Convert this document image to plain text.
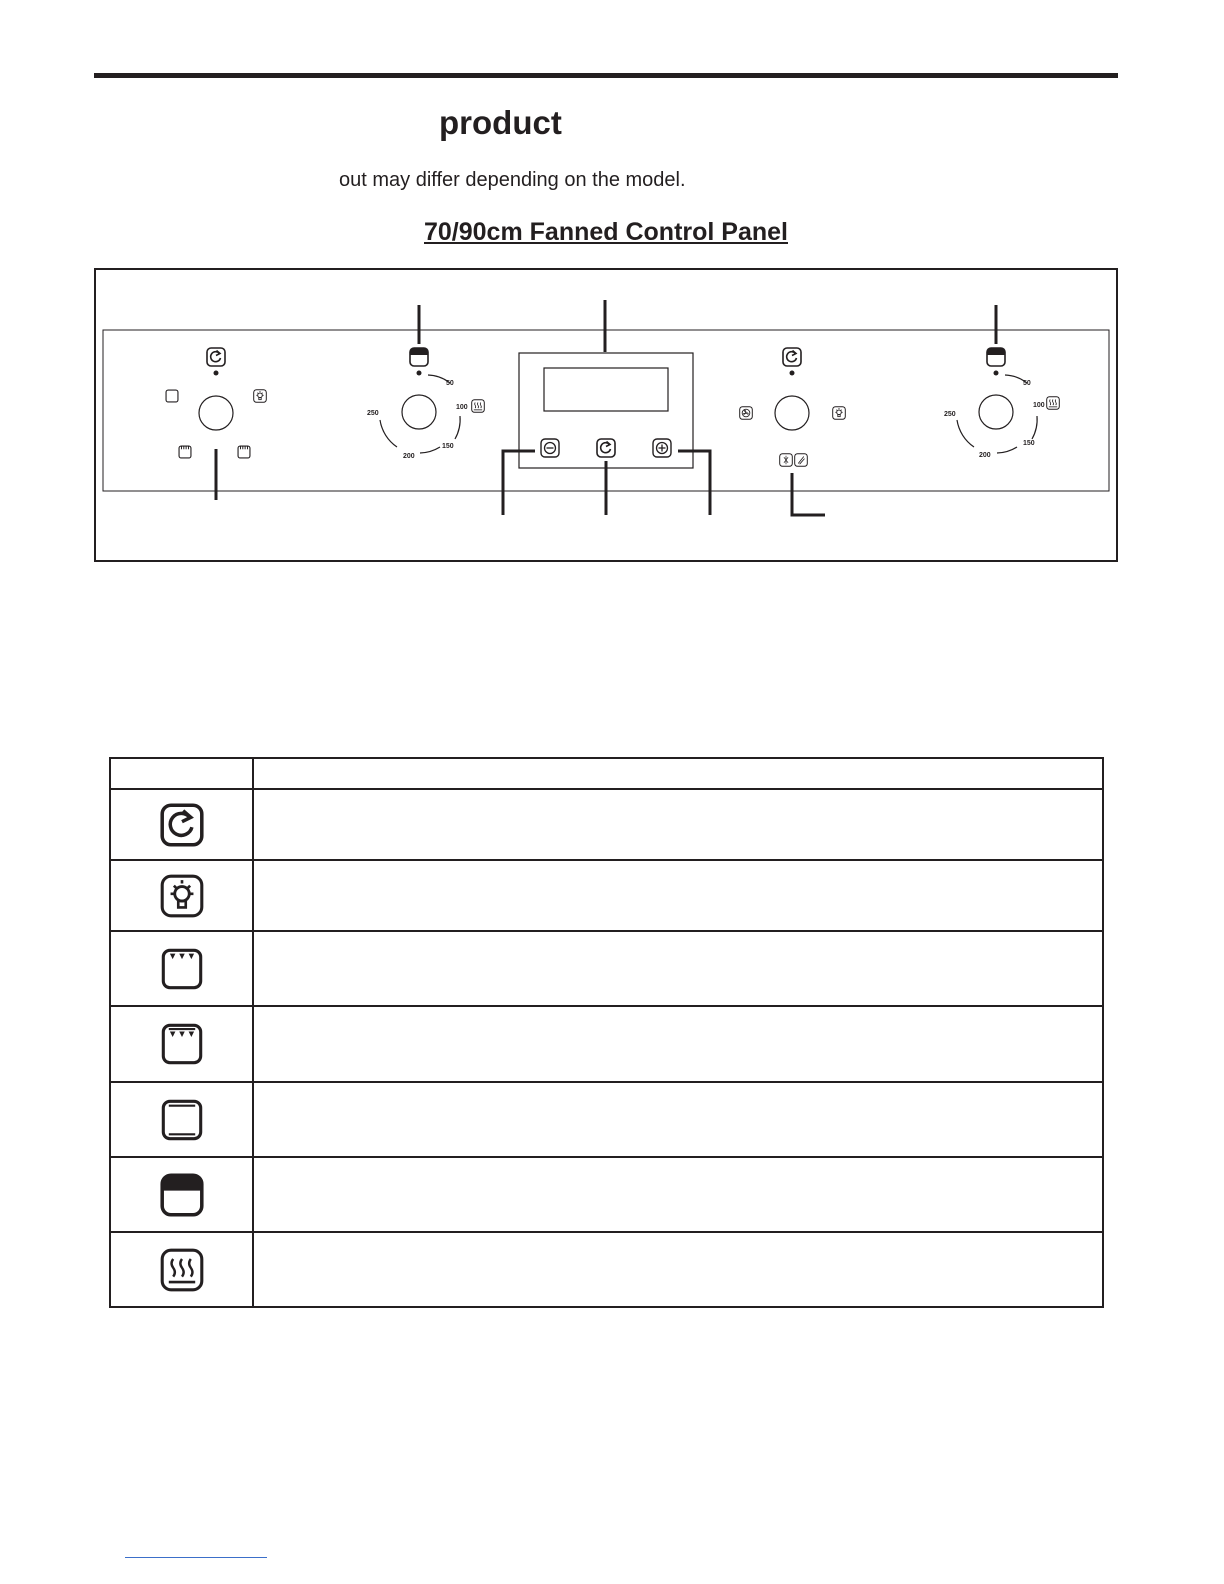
product
out may differ depending on the model.
70/90cm Fanned Control Panel
50
100
150
200
250
50
100
150
200
250
